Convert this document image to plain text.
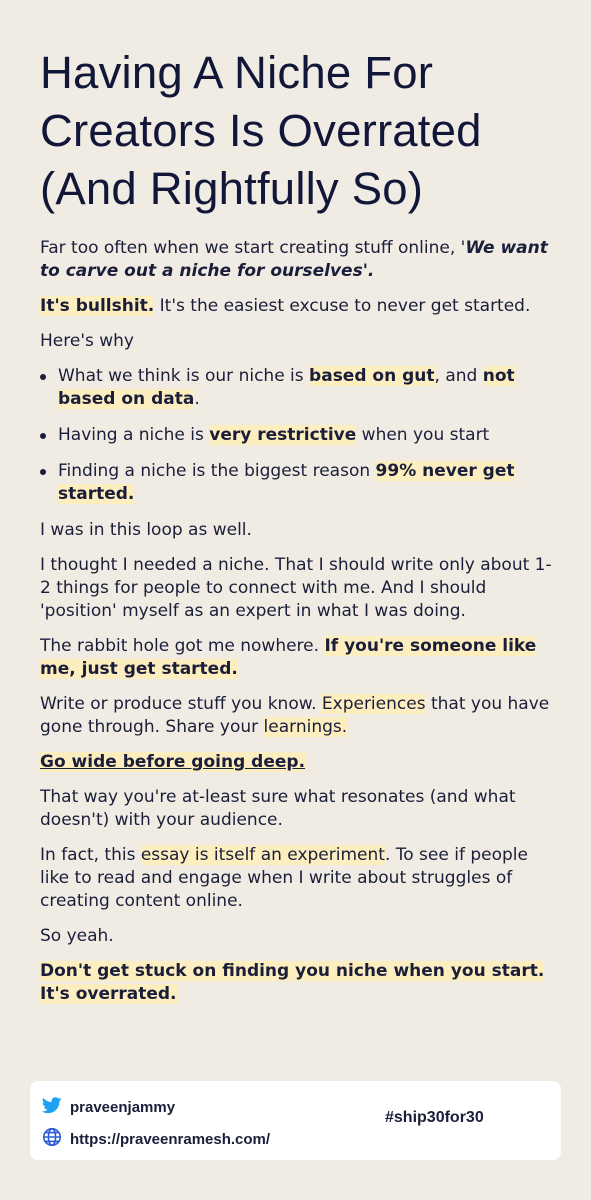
Having A Niche For Creators Is Overrated (And Rightfully So)

Far too often when we start creating stuff online, 'We want to carve out a niche for ourselves'.

It's bullshit. It's the easiest excuse to never get started.

Here's why

What we think is our niche is based on gut, and not based on data.
Having a niche is very restrictive when you start
Finding a niche is the biggest reason 99% never get started.

I was in this loop as well.

I thought I needed a niche. That I should write only about 1-2 things for people to connect with me. And I should 'position' myself as an expert in what I was doing.

The rabbit hole got me nowhere. If you're someone like me, just get started.

Write or produce stuff you know. Experiences that you have gone through. Share your learnings.

Go wide before going deep.

That way you're at-least sure what resonates (and what doesn't) with your audience.

In fact, this essay is itself an experiment. To see if people like to read and engage when I write about struggles of creating content online.

So yeah.

Don't get stuck on finding you niche when you start. It's overrated.

praveenjammy
https://praveenramesh.com/
#ship30for30
